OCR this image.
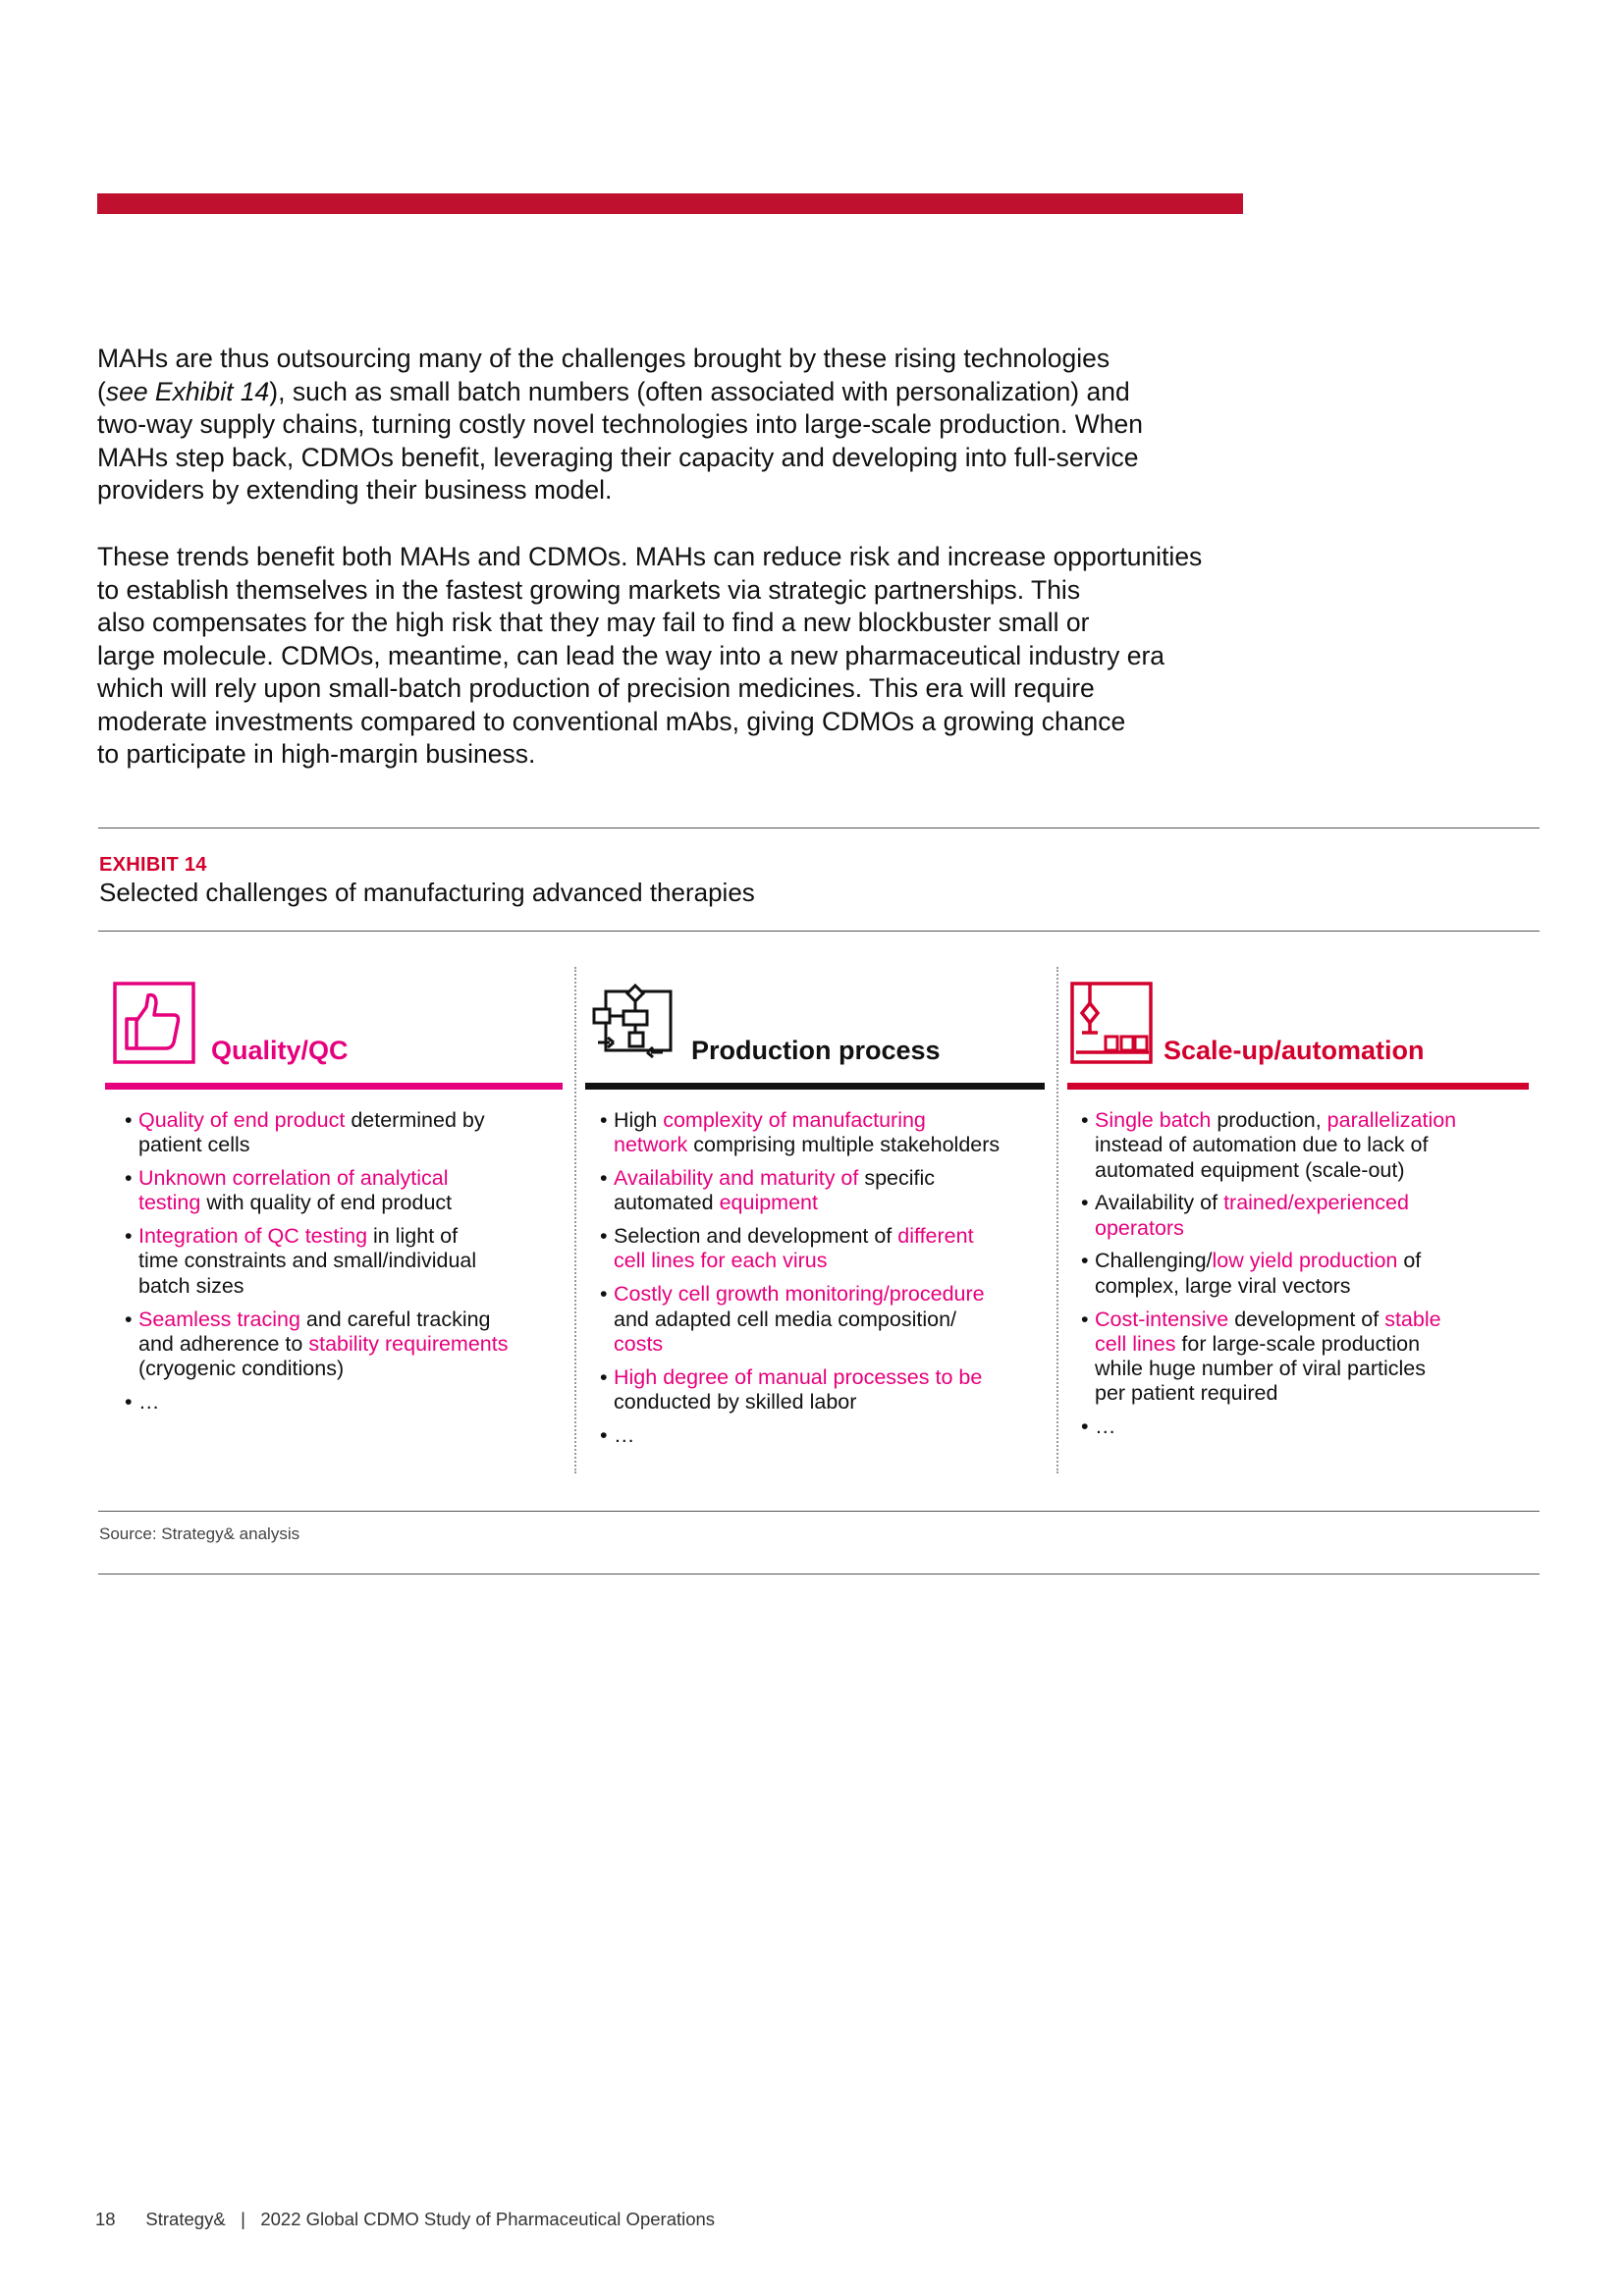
MAHs are thus outsourcing many of the challenges brought by these rising technologies

(see Exhibit 14), such as small batch numbers (often associated with personalization) and

two-way supply chains, turning costly novel technologies into large-scale production. When

MAHs step back, CDMOs benefit, leveraging their capacity and developing into full-service

providers by extending their business model.

These trends benefit both MAHs and CDMOs. MAHs can reduce risk and increase opportunities

to establish themselves in the fastest growing markets via strategic partnerships. This

also compensates for the high risk that they may fail to find a new blockbuster small or

large molecule. CDMOs, meantime, can lead the way into a new pharmaceutical industry era

which will rely upon small-batch production of precision medicines. This era will require

moderate investments compared to conventional mAbs, giving CDMOs a growing chance

to participate in high-margin business.

EXHIBIT 14
Selected challenges of manufacturing advanced therapies
Quality/QC
• Quality of end product determined by
patient cells
• Unknown correlation of analytical
testing with quality of end product
• Integration of QC testing in light of
time constraints and small/individual
batch sizes
• Seamless tracing and careful tracking
and adherence to stability requirements
(cryogenic conditions)
• …
Production process
• High complexity of manufacturing
network comprising multiple stakeholders
• Availability and maturity of specific
automated equipment
• Selection and development of different
cell lines for each virus
• Costly cell growth monitoring/procedure
and adapted cell media composition/
costs
• High degree of manual processes to be
conducted by skilled labor
• …
Scale-up/automation
• Single batch production, parallelization
instead of automation due to lack of
automated equipment (scale-out)
• Availability of trained/experienced
operators
• Challenging/low yield production of
complex, large viral vectors
• Cost-intensive development of stable
cell lines for large-scale production
while huge number of viral particles
per patient required
• …
Source: Strategy& analysis
18 Strategy& | 2022 Global CDMO Study of Pharmaceutical Operations
